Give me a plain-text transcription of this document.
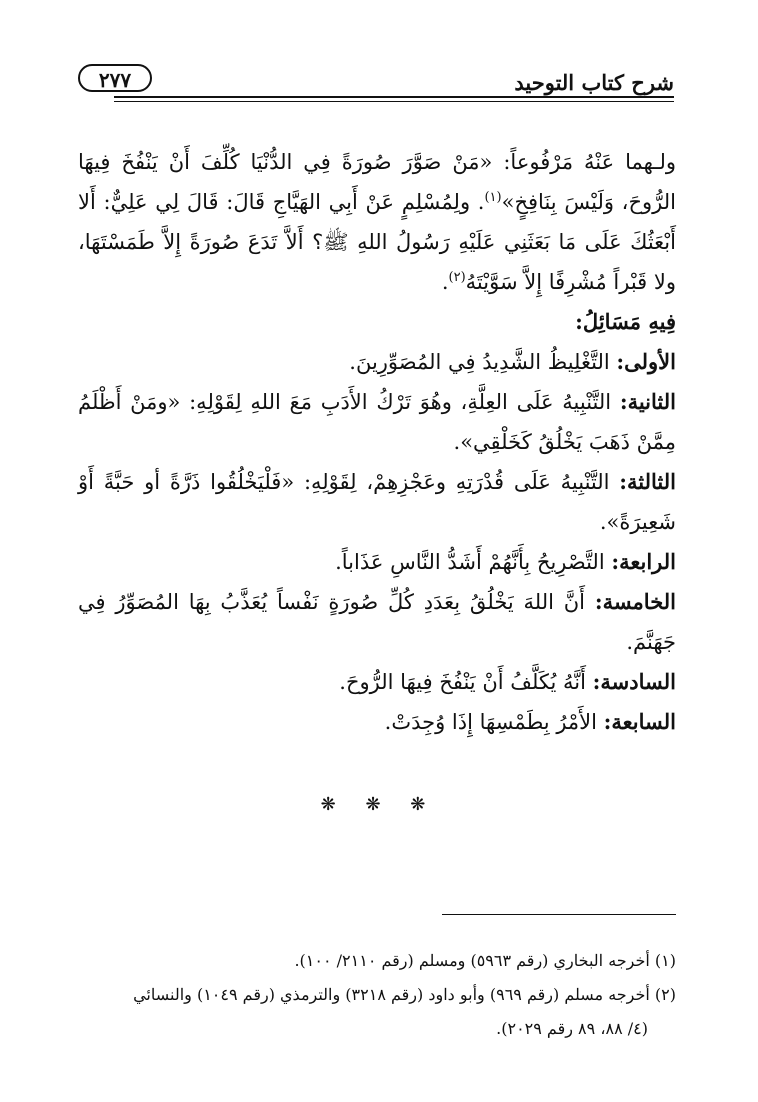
شرح كتاب التوحيد
٢٧٧

ولـهما عَنْهُ مَرْفُوعاً: «مَنْ صَوَّرَ صُورَةً فِي الدُّنْيَا كُلِّفَ أَنْ يَنْفُخَ فِيهَا الرُّوحَ، وَلَيْسَ بِنَافِخٍ»$^{(١)}$. ولِمُسْلِمٍ عَنْ أَبِي الهَيَّاجِ قَالَ: قَالَ لِي عَلِيٌّ: أَلا أَبْعَثُكَ عَلَى مَا بَعَثَنِي عَلَيْهِ رَسُولُ اللهِ ﷺ؟ أَلاَّ تَدَعَ صُورَةً إِلاَّ طَمَسْتَهَا، ولا قَبْراً مُشْرِفًا إِلاَّ سَوَّيْتَهُ$^{(٢)}$.

فِيهِ مَسَائِلُ:

الأولى: التَّغْلِيظُ الشَّدِيدُ فِي المُصَوِّرِينَ.

الثانية: التَّنْبِيهُ عَلَى العِلَّةِ، وهُوَ تَرْكُ الأَدَبِ مَعَ اللهِ لِقَوْلِهِ: «ومَنْ أَظْلَمُ مِمَّنْ ذَهَبَ يَخْلُقُ كَخَلْقِي».

الثالثة: التَّنْبِيهُ عَلَى قُدْرَتِهِ وعَجْزِهِمْ، لِقَوْلِهِ: «فَلْيَخْلُقُوا ذَرَّةً أو حَبَّةً أَوْ شَعِيرَةً».

الرابعة: التَّصْرِيحُ بِأَنَّهُمْ أَشَدُّ النَّاسِ عَذَاباً.

الخامسة: أَنَّ اللهَ يَخْلُقُ بِعَدَدِ كُلِّ صُورَةٍ نَفْساً يُعَذَّبُ بِهَا المُصَوِّرُ فِي جَهَنَّمَ.

السادسة: أَنَّهُ يُكَلَّفُ أَنْ يَنْفُخَ فِيهَا الرُّوحَ.

السابعة: الأَمْرُ بِطَمْسِهَا إِذَا وُجِدَتْ.

❋ ❋ ❋

(١) أخرجه البخاري (رقم ٥٩٦٣) ومسلم (رقم ٢١١٠/ ١٠٠).

(٢) أخرجه مسلم (رقم ٩٦٩) وأبو داود (رقم ٣٢١٨) والترمذي (رقم ١٠٤٩) والنسائي

(٤/ ٨٨، ٨٩ رقم ٢٠٢٩).
